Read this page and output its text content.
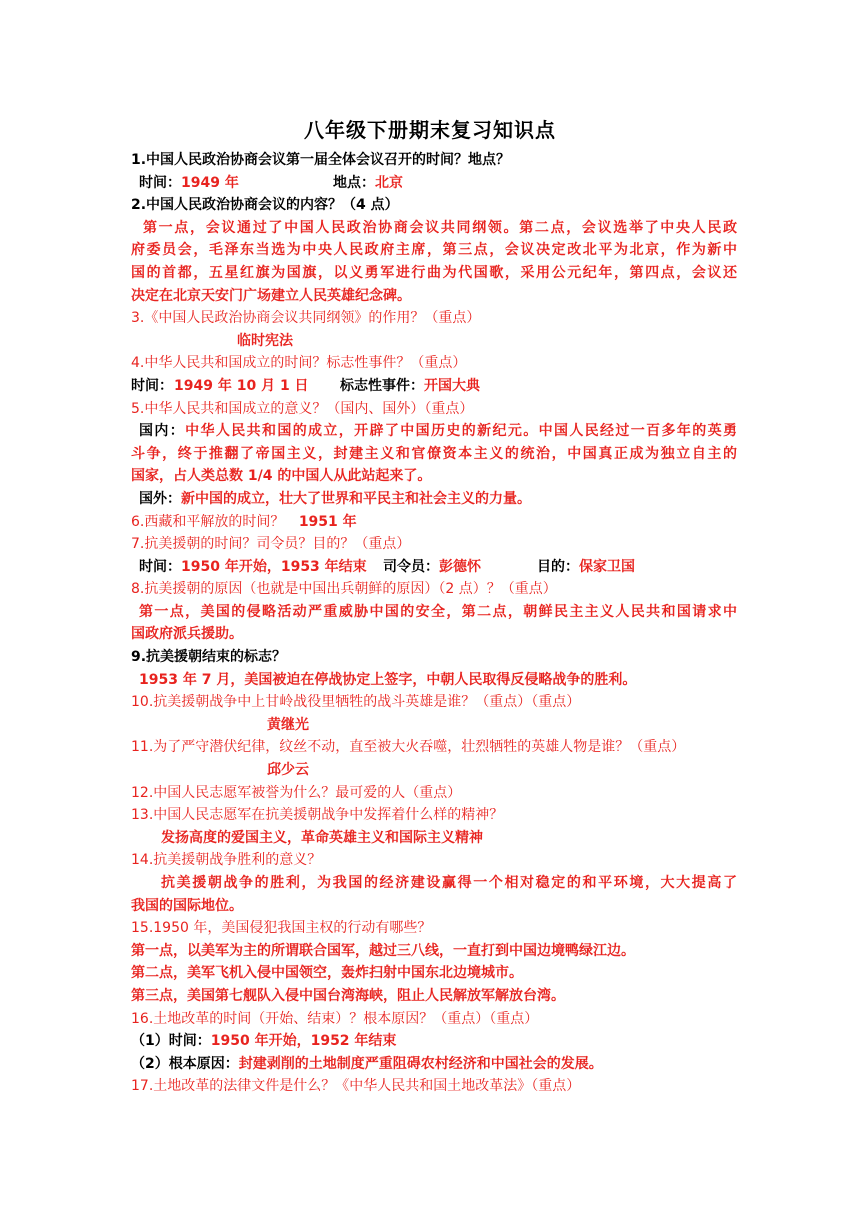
八年级下册期末复习知识点
1.中国人民政治协商会议第一届全体会议召开的时间？地点？
时间： 1949 年	地点： 北京
2.中国人民政治协商会议的内容？（4 点）
第一点，会议通过了中国人民政治协商会议共同纲领。第二点，会议选举了中央人民政
府委员会，毛泽东当选为中央人民政府主席，第三点，会议决定改北平为北京，作为新中
国的首都，五星红旗为国旗，以义勇军进行曲为代国歌，采用公元纪年，第四点，会议还
决定在北京天安门广场建立人民英雄纪念碑。
3.《中国人民政治协商会议共同纲领》的作用？（重点）
临时宪法
4.中华人民共和国成立的时间？标志性事件？（重点）
时间： 1949 年 10 月 1 日 标志性事件： 开国大典
5.中华人民共和国成立的意义？（国内、国外）（重点）
国内：中华人民共和国的成立，开辟了中国历史的新纪元。中国人民经过一百多年的英勇
斗争，终于推翻了帝国主义，封建主义和官僚资本主义的统治，中国真正成为独立自主的
国家，占人类总数 1/4 的中国人从此站起来了。
国外：新中国的成立，壮大了世界和平民主和社会主义的力量。
6.西藏和平解放的时间？ 1951 年
7.抗美援朝的时间？司令员？目的？（重点）
时间： 1950 年开始，1953 年结束 司令员： 彭德怀	目的： 保家卫国
8.抗美援朝的原因（也就是中国出兵朝鲜的原因）（2 点）？（重点）
第一点，美国的侵略活动严重威胁中国的安全，第二点，朝鲜民主主义人民共和国请求中
国政府派兵援助。
9.抗美援朝结束的标志？
1953 年 7 月，美国被迫在停战协定上签字，中朝人民取得反侵略战争的胜利。
10.抗美援朝战争中上甘岭战役里牺牲的战斗英雄是谁？（重点）（重点）
黄继光
11.为了严守潜伏纪律，纹丝不动，直至被大火吞噬，壮烈牺牲的英雄人物是谁？（重点）
邱少云
12.中国人民志愿军被誉为什么？最可爱的人（重点）
13.中国人民志愿军在抗美援朝战争中发挥着什么样的精神？
发扬高度的爱国主义，革命英雄主义和国际主义精神
14.抗美援朝战争胜利的意义？
抗美援朝战争的胜利，为我国的经济建设赢得一个相对稳定的和平环境，大大提高了
我国的国际地位。
15.1950 年，美国侵犯我国主权的行动有哪些？
第一点，以美军为主的所谓联合国军，越过三八线，一直打到中国边境鸭绿江边。
第二点，美军飞机入侵中国领空，轰炸扫射中国东北边境城市。
第三点，美国第七舰队入侵中国台湾海峡，阻止人民解放军解放台湾。
16.土地改革的时间（开始、结束）？根本原因？（重点）（重点）
（1）时间：1950 年开始，1952 年结束
（2）根本原因：封建剥削的土地制度严重阻碍农村经济和中国社会的发展。
17.土地改革的法律文件是什么？《中华人民共和国土地改革法》（重点）
